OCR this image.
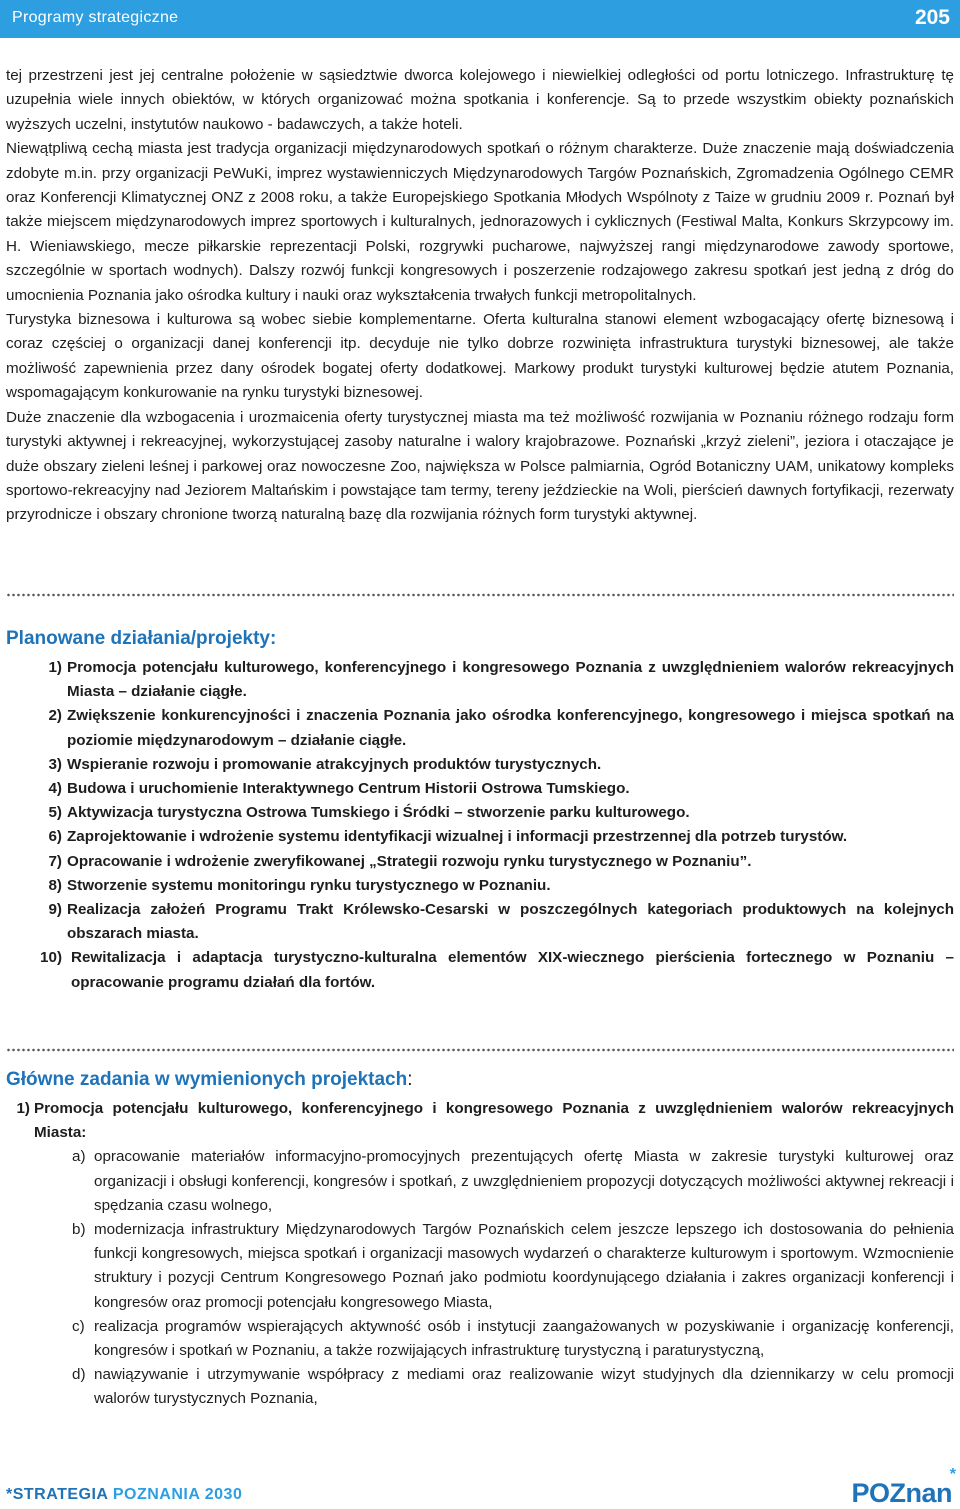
Programy strategiczne	205

tej przestrzeni jest jej centralne położenie w sąsiedztwie dworca kolejowego i niewielkiej odległości od portu lotniczego. Infrastrukturę tę uzupełnia wiele innych obiektów, w których organizować można spotkania i konferencje. Są to przede wszystkim obiekty poznańskich wyższych uczelni, instytutów naukowo - badawczych, a także hoteli.

Niewątpliwą cechą miasta jest tradycja organizacji międzynarodowych spotkań o różnym charakterze. Duże znaczenie mają doświadczenia zdobyte m.in. przy organizacji PeWuKi, imprez wystawienniczych Międzynarodowych Targów Poznańskich, Zgromadzenia Ogólnego CEMR oraz Konferencji Klimatycznej ONZ z 2008 roku, a także Europejskiego Spotkania Młodych Wspólnoty z Taize w grudniu 2009 r. Poznań był także miejscem międzynarodowych imprez sportowych i kulturalnych, jednorazowych i cyklicznych (Festiwal Malta, Konkurs Skrzypcowy im. H. Wieniawskiego, mecze piłkarskie reprezentacji Polski, rozgrywki pucharowe, najwyższej rangi międzynarodowe zawody sportowe, szczególnie w sportach wodnych). Dalszy rozwój funkcji kongresowych i poszerzenie rodzajowego zakresu spotkań jest jedną z dróg do umocnienia Poznania jako ośrodka kultury i nauki oraz wykształcenia trwałych funkcji metropolitalnych.

Turystyka biznesowa i kulturowa są wobec siebie komplementarne. Oferta kulturalna stanowi element wzbogacający ofertę biznesową i coraz częściej o organizacji danej konferencji itp. decyduje nie tylko dobrze rozwinięta infrastruktura turystyki biznesowej, ale także możliwość zapewnienia przez dany ośrodek bogatej oferty dodatkowej. Markowy produkt turystyki kulturowej będzie atutem Poznania, wspomagającym konkurowanie na rynku turystyki biznesowej.

Duże znaczenie dla wzbogacenia i urozmaicenia oferty turystycznej miasta ma też możliwość rozwijania w Poznaniu różnego rodzaju form turystyki aktywnej i rekreacyjnej, wykorzystującej zasoby naturalne i walory krajobrazowe. Poznański „krzyż zieleni”, jeziora i otaczające je duże obszary zieleni leśnej i parkowej oraz nowoczesne Zoo, największa w Polsce palmiarnia, Ogród Botaniczny UAM, unikatowy kompleks sportowo-rekreacyjny nad Jeziorem Maltańskim i powstające tam termy, tereny jeździeckie na Woli, pierścień dawnych fortyfikacji, rezerwaty przyrodnicze i obszary chronione tworzą naturalną bazę dla rozwijania różnych form turystyki aktywnej.

Planowane działania/projekty:
1) Promocja potencjału kulturowego, konferencyjnego i kongresowego Poznania z uwzględnieniem walorów rekreacyjnych Miasta – działanie ciągłe.
2) Zwiększenie konkurencyjności i znaczenia Poznania jako ośrodka konferencyjnego, kongresowego i miejsca spotkań na poziomie międzynarodowym – działanie ciągłe.
3) Wspieranie rozwoju i promowanie atrakcyjnych produktów turystycznych.
4) Budowa i uruchomienie Interaktywnego Centrum Historii Ostrowa Tumskiego.
5) Aktywizacja turystyczna Ostrowa Tumskiego i Śródki – stworzenie parku kulturowego.
6) Zaprojektowanie i wdrożenie systemu identyfikacji wizualnej i informacji przestrzennej dla potrzeb turystów.
7) Opracowanie i wdrożenie zweryfikowanej „Strategii rozwoju rynku turystycznego w Poznaniu”.
8) Stworzenie systemu monitoringu rynku turystycznego w Poznaniu.
9) Realizacja założeń Programu Trakt Królewsko-Cesarski w poszczególnych kategoriach produktowych na kolejnych obszarach miasta.
10) Rewitalizacja i adaptacja turystyczno-kulturalna elementów XIX-wiecznego pierścienia fortecznego w Poznaniu – opracowanie programu działań dla fortów.
Główne zadania w wymienionych projektach:
1) Promocja potencjału kulturowego, konferencyjnego i kongresowego Poznania z uwzględnieniem walorów rekreacyjnych Miasta:
a) opracowanie materiałów informacyjno-promocyjnych prezentujących ofertę Miasta w zakresie turystyki kulturowej oraz organizacji i obsługi konferencji, kongresów i spotkań, z uwzględnieniem propozycji dotyczących możliwości aktywnej rekreacji i spędzania czasu wolnego,
b) modernizacja infrastruktury Międzynarodowych Targów Poznańskich celem jeszcze lepszego ich dostosowania do pełnienia funkcji kongresowych, miejsca spotkań i organizacji masowych wydarzeń o charakterze kulturowym i sportowym. Wzmocnienie struktury i pozycji Centrum Kongresowego Poznań jako podmiotu koordynującego działania i zakres organizacji konferencji i kongresów oraz promocji potencjału kongresowego Miasta,
c) realizacja programów wspierających aktywność osób i instytucji zaangażowanych w pozyskiwanie i organizację konferencji, kongresów i spotkań w Poznaniu, a także rozwijających infrastrukturę turystyczną i paraturystyczną,
d) nawiązywanie i utrzymywanie współpracy z mediami oraz realizowanie wizyt studyjnych dla dziennikarzy w celu promocji walorów turystycznych Poznania,
*STRATEGIA POZNANIA 2030
*
POZnan
